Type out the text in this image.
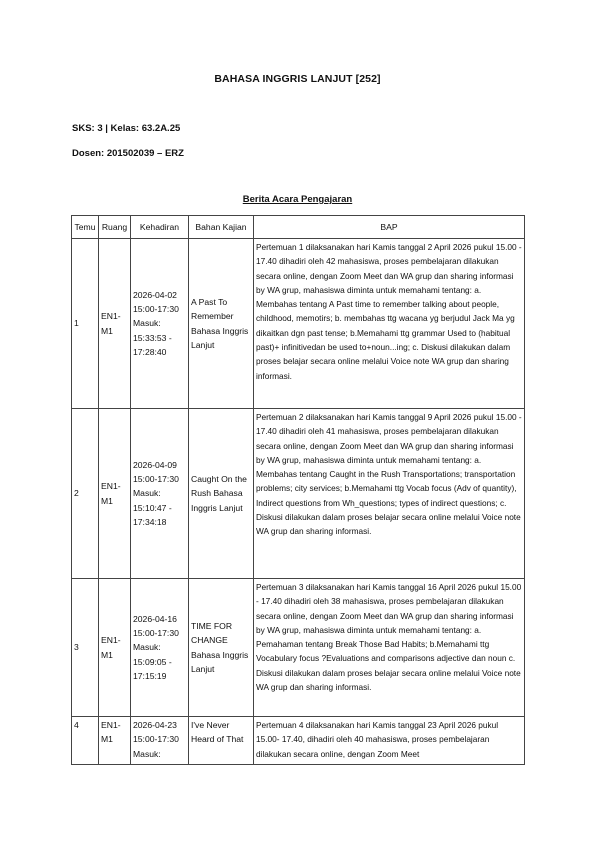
BAHASA INGGRIS LANJUT [252]
SKS: 3 | Kelas: 63.2A.25
Dosen: 201502039 – ERZ
Berita Acara Pengajaran
Temu	Ruang	Kehadiran	Bahan Kajian	BAP
1	EN1-M1	2026-04-02 15:00-17:30 Masuk: 15:33:53 - 17:28:40	A Past To Remember Bahasa Inggris Lanjut	Pertemuan 1 dilaksanakan hari Kamis tanggal 2 April 2026 pukul 15.00 - 17.40 dihadiri oleh 42 mahasiswa, proses pembelajaran dilakukan secara online, dengan Zoom Meet dan WA grup dan sharing informasi by WA grup, mahasiswa diminta untuk memahami tentang: a. Membahas tentang A Past time to remember talking about people, childhood, memotirs; b. membahas ttg wacana yg berjudul Jack Ma yg dikaitkan dgn past tense; b.Memahami ttg grammar Used to (habitual past)+ infinitivedan be used to+noun...ing; c. Diskusi dilakukan dalam proses belajar secara online melalui Voice note WA grup dan sharing informasi.
2	EN1-M1	2026-04-09 15:00-17:30 Masuk: 15:10:47 - 17:34:18	Caught On the Rush Bahasa Inggris Lanjut	Pertemuan 2 dilaksanakan hari Kamis tanggal 9 April 2026 pukul 15.00 - 17.40 dihadiri oleh 41 mahasiswa, proses pembelajaran dilakukan secara online, dengan Zoom Meet dan WA grup dan sharing informasi by WA grup, mahasiswa diminta untuk memahami tentang: a. Membahas tentang Caught in the Rush Transportations; transportation problems; city services; b.Memahami ttg Vocab focus (Adv of quantity), Indirect questions from Wh_questions; types of indirect questions; c. Diskusi dilakukan dalam proses belajar secara online melalui Voice note WA grup dan sharing informasi.
3	EN1-M1	2026-04-16 15:00-17:30 Masuk: 15:09:05 - 17:15:19	TIME FOR CHANGE Bahasa Inggris Lanjut	Pertemuan 3 dilaksanakan hari Kamis tanggal 16 April 2026 pukul 15.00 - 17.40 dihadiri oleh 38 mahasiswa, proses pembelajaran dilakukan secara online, dengan Zoom Meet dan WA grup dan sharing informasi by WA grup, mahasiswa diminta untuk memahami tentang: a. Pemahaman tentang Break Those Bad Habits; b.Memahami ttg Vocabulary focus ?Evaluations and comparisons adjective dan noun c. Diskusi dilakukan dalam proses belajar secara online melalui Voice note WA grup dan sharing informasi.
4	EN1-M1	2026-04-23 15:00-17:30 Masuk:	I've Never Heard of That	Pertemuan 4 dilaksanakan hari Kamis tanggal 23 April 2026 pukul 15.00- 17.40, dihadiri oleh 40 mahasiswa, proses pembelajaran dilakukan secara online, dengan Zoom Meet
